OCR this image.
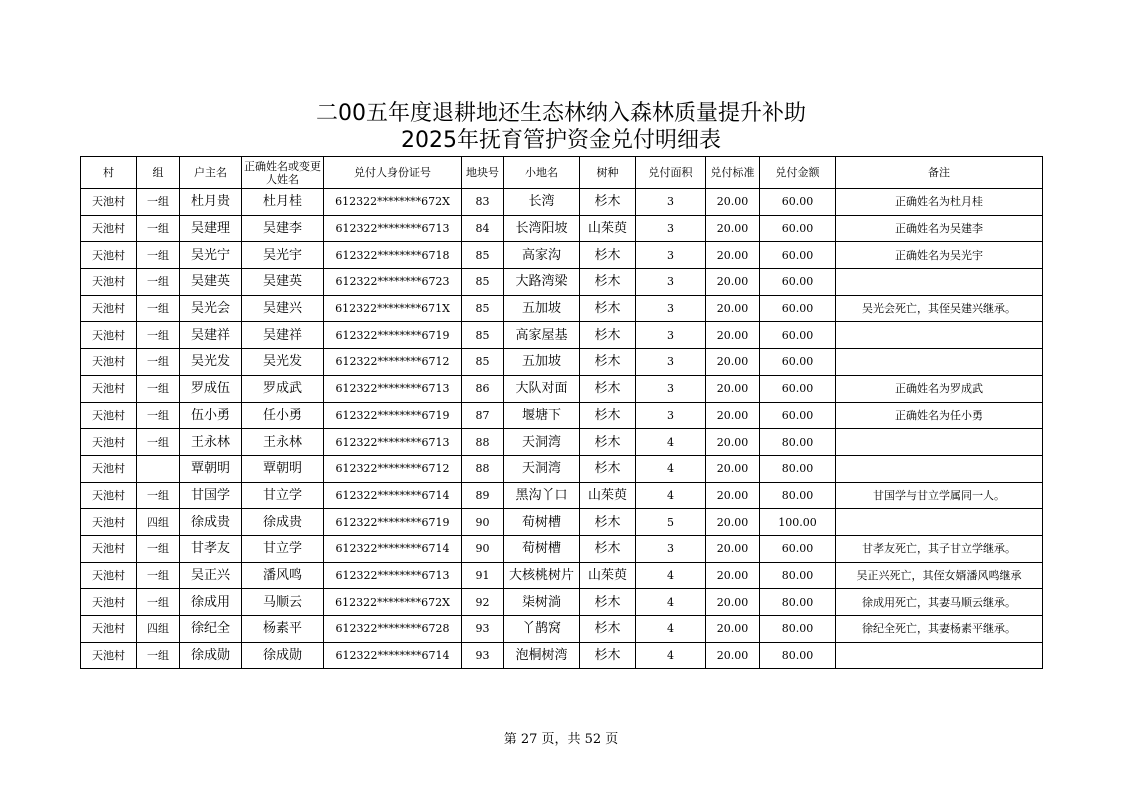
二00五年度退耕地还生态林纳入森林质量提升补助
2025年抚育管护资金兑付明细表
村	组	户主名	正确姓名或变更人姓名	兑付人身份证号	地块号	小地名	树种	兑付面积	兑付标准	兑付金额	备注
天池村	一组	杜月贵	杜月桂	612322********672X	83	长湾	杉木	3	20.00	60.00	正确姓名为杜月桂
天池村	一组	吴建理	吴建李	612322********6713	84	长湾阳坡	山茱萸	3	20.00	60.00	正确姓名为吴建李
天池村	一组	吴光宁	吴光宇	612322********6718	85	高家沟	杉木	3	20.00	60.00	正确姓名为吴光宇
天池村	一组	吴建英	吴建英	612322********6723	85	大路湾梁	杉木	3	20.00	60.00	
天池村	一组	吴光会	吴建兴	612322********671X	85	五加坡	杉木	3	20.00	60.00	吴光会死亡，其侄吴建兴继承。
天池村	一组	吴建祥	吴建祥	612322********6719	85	高家屋基	杉木	3	20.00	60.00	
天池村	一组	吴光发	吴光发	612322********6712	85	五加坡	杉木	3	20.00	60.00	
天池村	一组	罗成伍	罗成武	612322********6713	86	大队对面	杉木	3	20.00	60.00	正确姓名为罗成武
天池村	一组	伍小勇	任小勇	612322********6719	87	堰塘下	杉木	3	20.00	60.00	正确姓名为任小勇
天池村	一组	王永林	王永林	612322********6713	88	天洞湾	杉木	4	20.00	80.00	
天池村		覃朝明	覃朝明	612322********6712	88	天洞湾	杉木	4	20.00	80.00	
天池村	一组	甘国学	甘立学	612322********6714	89	黑沟丫口	山茱萸	4	20.00	80.00	甘国学与甘立学属同一人。
天池村	四组	徐成贵	徐成贵	612322********6719	90	荀树槽	杉木	5	20.00	100.00	
天池村	一组	甘孝友	甘立学	612322********6714	90	荀树槽	杉木	3	20.00	60.00	甘孝友死亡，其子甘立学继承。
天池村	一组	吴正兴	潘风鸣	612322********6713	91	大核桃树片	山茱萸	4	20.00	80.00	吴正兴死亡，其侄女婿潘风鸣继承
天池村	一组	徐成用	马顺云	612322********672X	92	柒树淌	杉木	4	20.00	80.00	徐成用死亡，其妻马顺云继承。
天池村	四组	徐纪全	杨素平	612322********6728	93	丫鹊窝	杉木	4	20.00	80.00	徐纪全死亡，其妻杨素平继承。
天池村	一组	徐成勋	徐成勋	612322********6714	93	泡桐树湾	杉木	4	20.00	80.00	
第 27 页，共 52 页
